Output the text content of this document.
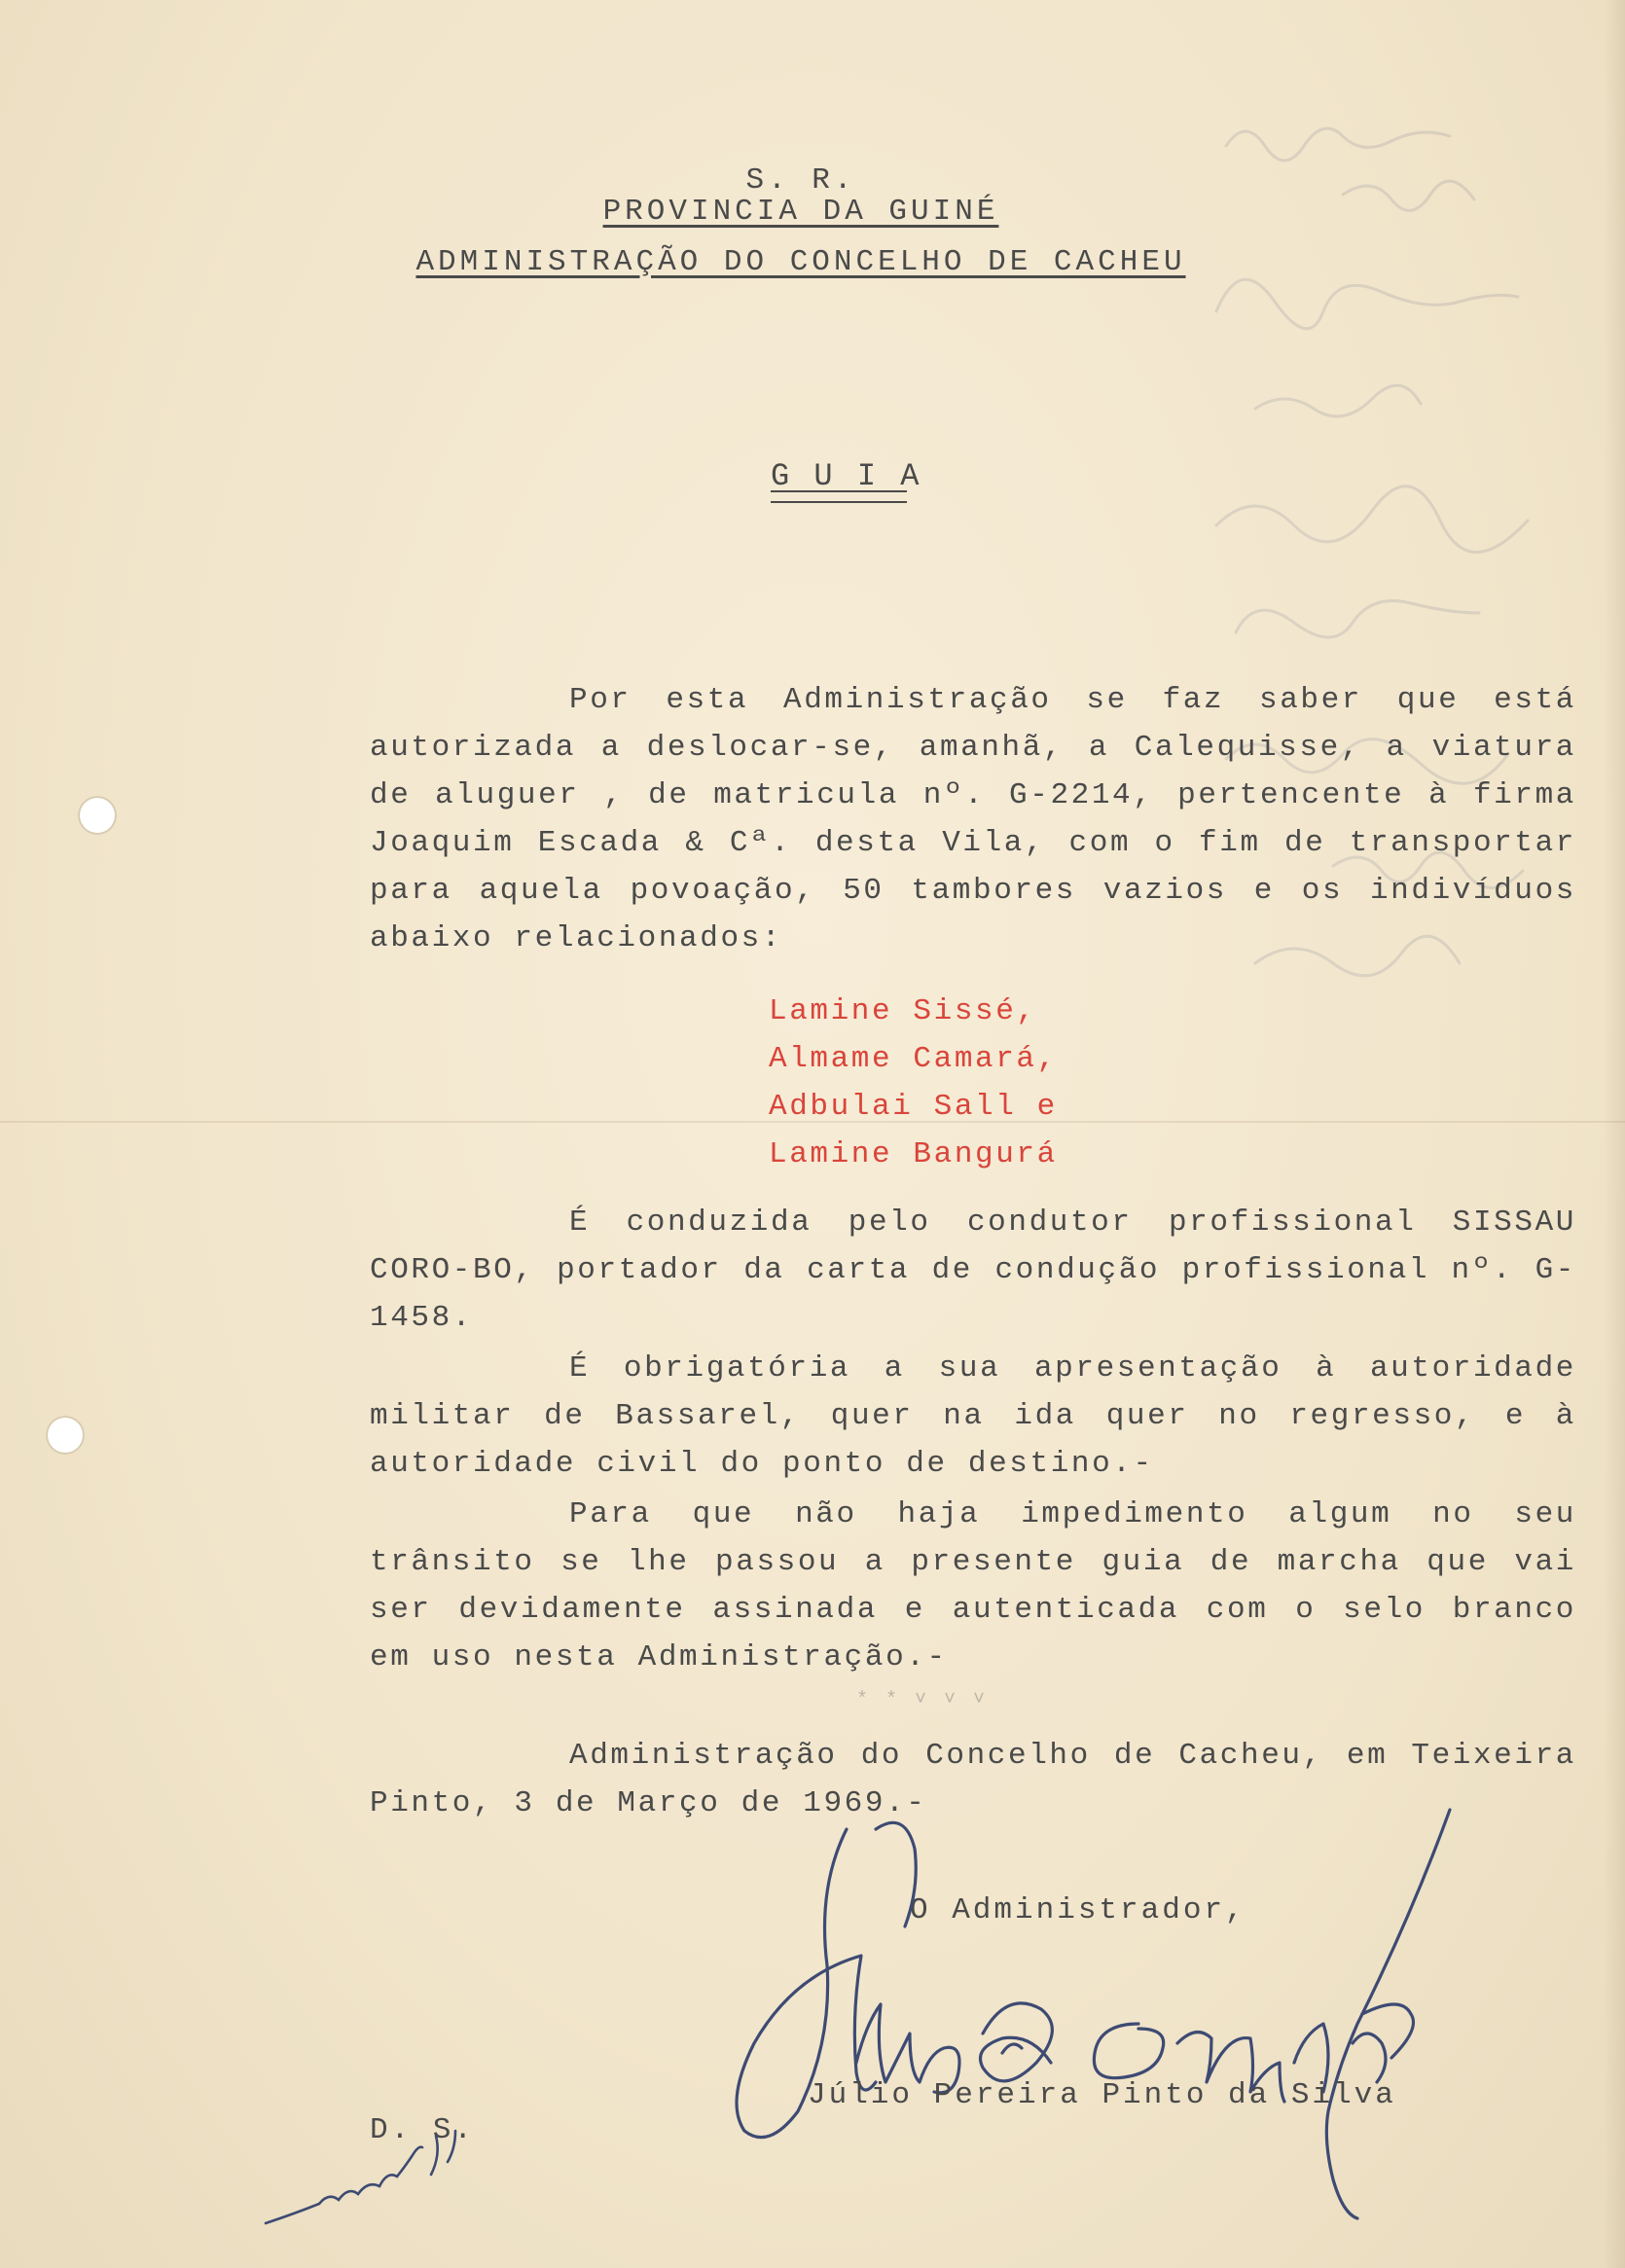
S. R.
PROVINCIA DA GUINÉ
ADMINISTRAÇÃO DO CONCELHO DE CACHEU
G U I A

Por esta Administração se faz saber que está autorizada a deslocar-se, amanhã, a Calequisse, a viatura de aluguer , de matricula nº. G-2214, pertencente à firma Joaquim Escada & Cª. desta Vila, com o fim de transportar para aquela povoação, 50 tambores vazios e os indivíduos abaixo relacionados:

Lamine Sissé,
Almame Camará,
Adbulai Sall e
Lamine Bangurá

É conduzida pelo condutor profissional SISSAU CORO-BO, portador da carta de condução profissional nº. G-1458.

É obrigatória a sua apresentação à autoridade militar de Bassarel, quer na ida quer no regresso, e à autoridade civil do ponto de destino.-

Para que não haja impedimento algum no seu trânsito se lhe passou a presente guia de marcha que vai ser devidamente assinada e autenticada com o selo branco em uso nesta Administração.-

Administração do Concelho de Cacheu, em Teixeira Pinto, 3 de Março de 1969.-

* * ˅ ˅ ˅
O Administrador,
Júlio Pereira Pinto da Silva
D. S.
